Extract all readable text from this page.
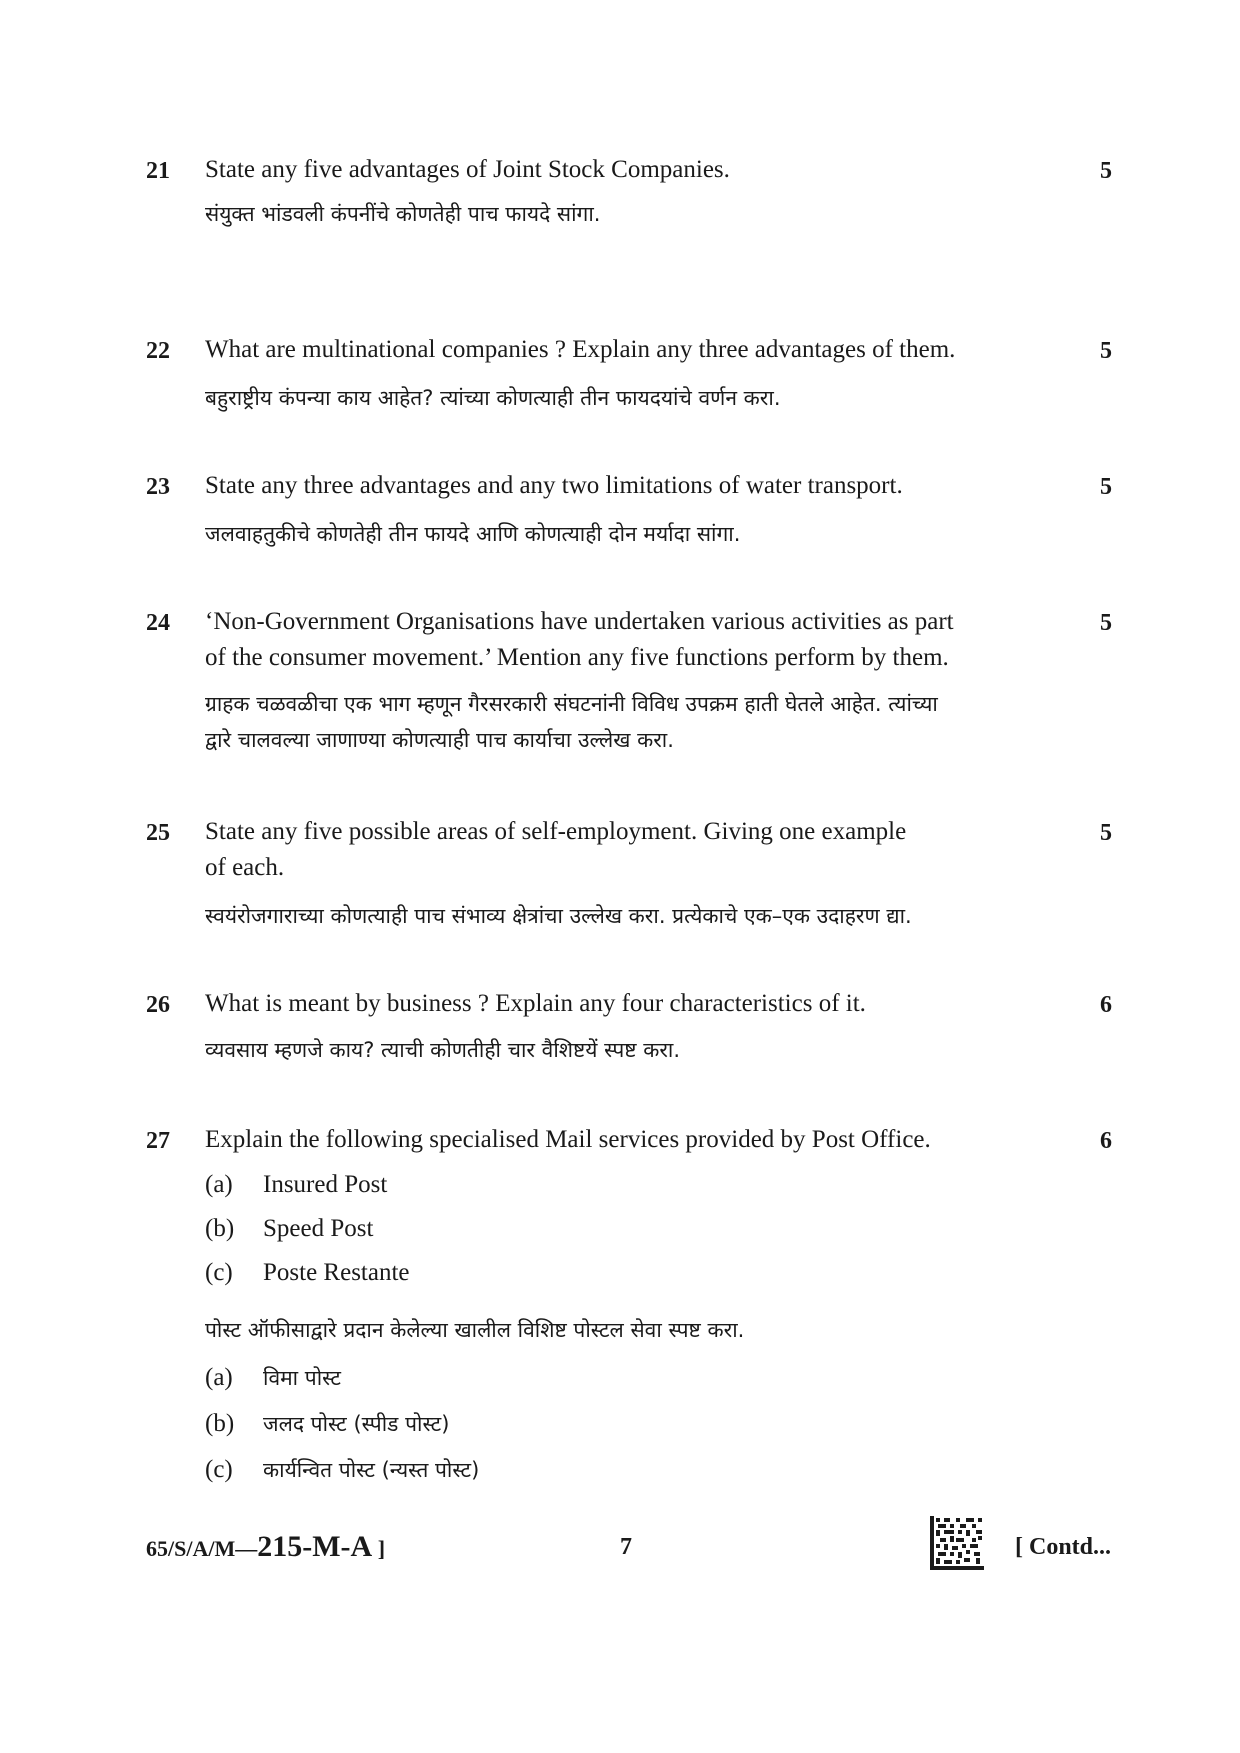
21 State any five advantages of Joint Stock Companies.	5
संयुक्त भांडवली कंपनींचे कोणतेही पाच फायदे सांगा.
22 What are multinational companies ? Explain any three advantages of them.	5
बहुराष्ट्रीय कंपन्या काय आहेत? त्यांच्या कोणत्याही तीन फायदयांचे वर्णन करा.
23 State any three advantages and any two limitations of water transport.	5
जलवाहतुकीचे कोणतेही तीन फायदे आणि कोणत्याही दोन मर्यादा सांगा.
24 ‘Non-Government Organisations have undertaken various activities as part	5
of the consumer movement.’ Mention any five functions perform by them.
ग्राहक चळवळीचा एक भाग म्हणून गैरसरकारी संघटनांनी विविध उपक्रम हाती घेतले आहेत. त्यांच्या
द्वारे चालवल्या जाणाण्या कोणत्याही पाच कार्याचा उल्लेख करा.
25 State any five possible areas of self-employment. Giving one example	5
of each.
स्वयंरोजगाराच्या कोणत्याही पाच संभाव्य क्षेत्रांचा उल्लेख करा. प्रत्येकाचे एक–एक उदाहरण द्या.
26 What is meant by business ? Explain any four characteristics of it.	6
व्यवसाय म्हणजे काय? त्याची कोणतीही चार वैशिष्टयें स्पष्ट करा.
27 Explain the following specialised Mail services provided by Post Office.	6
(a) Insured Post
(b) Speed Post
(c) Poste Restante
पोस्ट ऑफीसाद्वारे प्रदान केलेल्या खालील विशिष्ट पोस्टल सेवा स्पष्ट करा.
(a) विमा पोस्ट
(b) जलद पोस्ट (स्पीड पोस्ट)
(c) कार्यन्वित पोस्ट (न्यस्त पोस्ट)
65/S/A/M—215-M-A ]	7	[ Contd...
